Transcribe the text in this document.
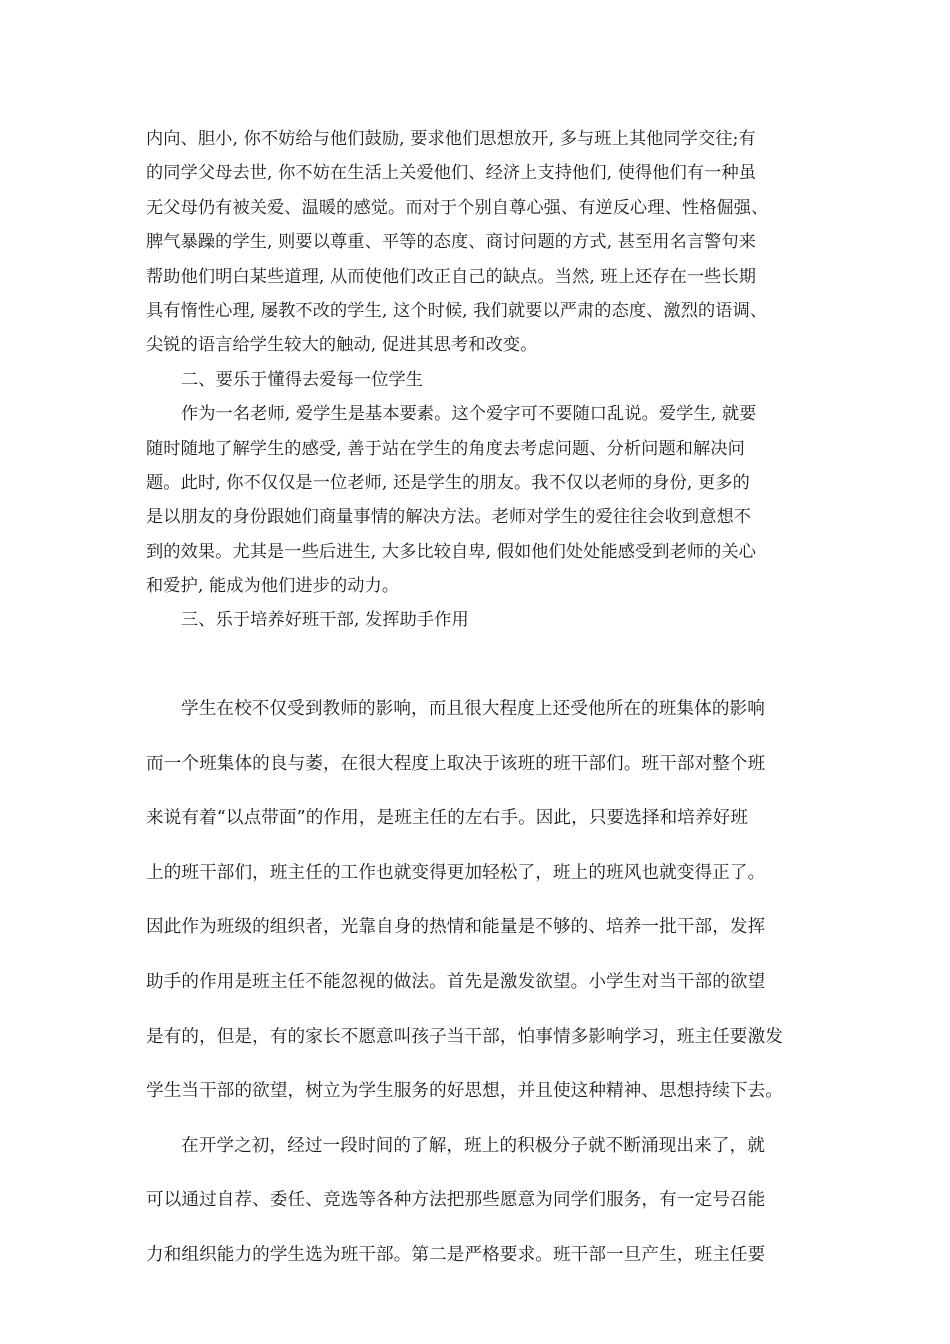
内向、胆小, 你不妨给与他们鼓励, 要求他们思想放开, 多与班上其他同学交往;有
的同学父母去世, 你不妨在生活上关爱他们、经济上支持他们, 使得他们有一种虽
无父母仍有被关爱、温暖的感觉。而对于个别自尊心强、有逆反心理、性格倔强、
脾气暴躁的学生, 则要以尊重、平等的态度、商讨问题的方式, 甚至用名言警句来
帮助他们明白某些道理, 从而使他们改正自己的缺点。当然, 班上还存在一些长期
具有惰性心理, 屡教不改的学生, 这个时候, 我们就要以严肃的态度、激烈的语调、
尖锐的语言给学生较大的触动, 促进其思考和改变。
二、要乐于懂得去爱每一位学生
作为一名老师, 爱学生是基本要素。这个爱字可不要随口乱说。爱学生, 就要
随时随地了解学生的感受, 善于站在学生的角度去考虑问题、分析问题和解决问
题。此时, 你不仅仅是一位老师, 还是学生的朋友。我不仅以老师的身份, 更多的
是以朋友的身份跟她们商量事情的解决方法。老师对学生的爱往往会收到意想不
到的效果。尤其是一些后进生, 大多比较自卑, 假如他们处处能感受到老师的关心
和爱护, 能成为他们进步的动力。
三、乐于培养好班干部, 发挥助手作用
学生在校不仅受到教师的影响，而且很大程度上还受他所在的班集体的影响
而一个班集体的良与萎，在很大程度上取决于该班的班干部们。班干部对整个班
来说有着“以点带面”的作用，是班主任的左右手。因此，只要选择和培养好班
上的班干部们，班主任的工作也就变得更加轻松了，班上的班风也就变得正了。
因此作为班级的组织者，光靠自身的热情和能量是不够的、培养一批干部，发挥
助手的作用是班主任不能忽视的做法。首先是激发欲望。小学生对当干部的欲望
是有的，但是，有的家长不愿意叫孩子当干部，怕事情多影响学习，班主任要激发
学生当干部的欲望，树立为学生服务的好思想，并且使这种精神、思想持续下去。
在开学之初，经过一段时间的了解，班上的积极分子就不断涌现出来了，就
可以通过自荐、委任、竞选等各种方法把那些愿意为同学们服务，有一定号召能
力和组织能力的学生选为班干部。第二是严格要求。班干部一旦产生，班主任要
